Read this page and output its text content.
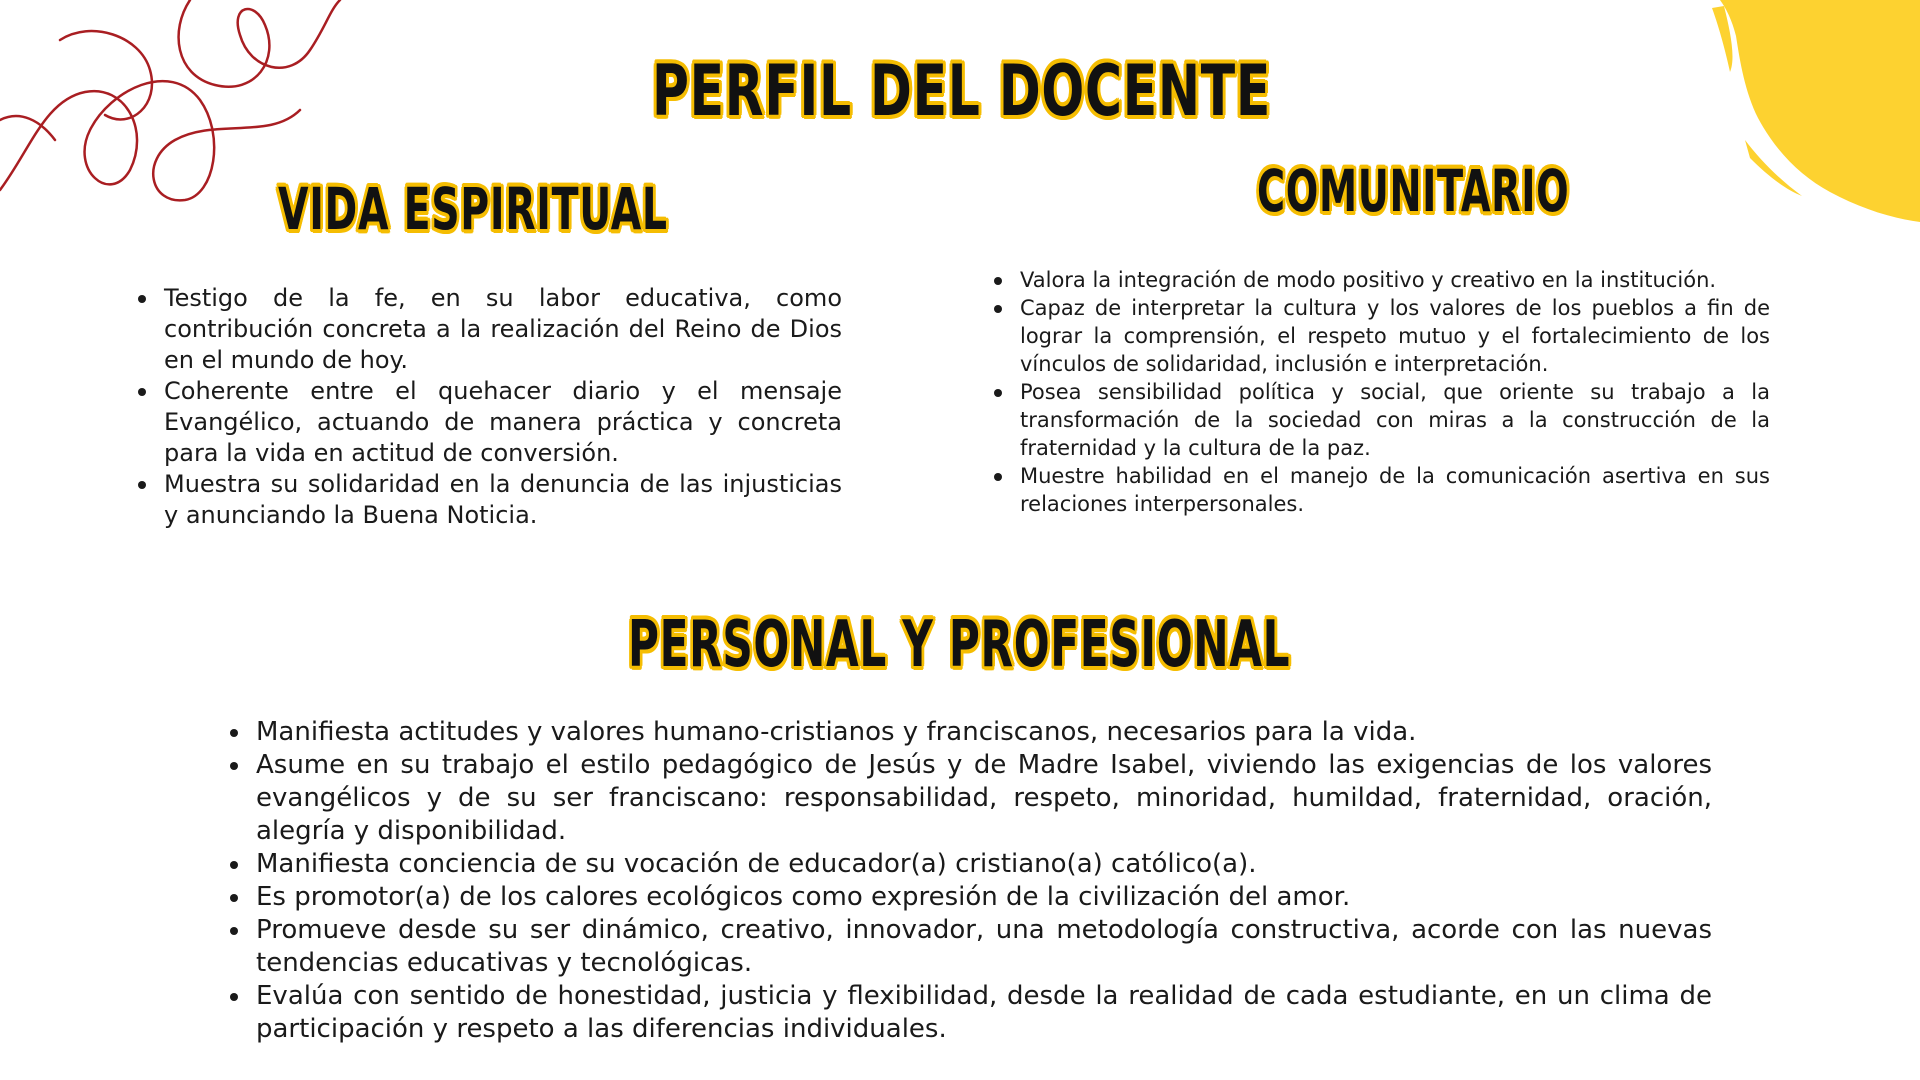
PERFIL DEL DOCENTE
VIDA ESPIRITUAL	COMUNITARIO
Testigo de la fe, en su labor educativa, como contribución concreta a la realización del Reino de Dios en el mundo de hoy.
Coherente entre el quehacer diario y el mensaje Evangélico, actuando de manera práctica y concreta para la vida en actitud de conversión.
Muestra su solidaridad en la denuncia de las injusticias y anunciando la Buena Noticia.
Valora la integración de modo positivo y creativo en la institución.
Capaz de interpretar la cultura y los valores de los pueblos a fin de lograr la comprensión, el respeto mutuo y el fortalecimiento de los vínculos de solidaridad, inclusión e interpretación.
Posea sensibilidad política y social, que oriente su trabajo a la transformación de la sociedad con miras a la construcción de la fraternidad y la cultura de la paz.
Muestre habilidad en el manejo de la comunicación asertiva en sus relaciones interpersonales.
PERSONAL Y PROFESIONAL
Manifiesta actitudes y valores humano-cristianos y franciscanos, necesarios para la vida.
Asume en su trabajo el estilo pedagógico de Jesús y de Madre Isabel, viviendo las exigencias de los valores evangélicos y de su ser franciscano: responsabilidad, respeto, minoridad, humildad, fraternidad, oración, alegría y disponibilidad.
Manifiesta conciencia de su vocación de educador(a) cristiano(a) católico(a).
Es promotor(a) de los calores ecológicos como expresión de la civilización del amor.
Promueve desde su ser dinámico, creativo, innovador, una metodología constructiva, acorde con las nuevas tendencias educativas y tecnológicas.
Evalúa con sentido de honestidad, justicia y flexibilidad, desde la realidad de cada estudiante, en un clima de participación y respeto a las diferencias individuales.
